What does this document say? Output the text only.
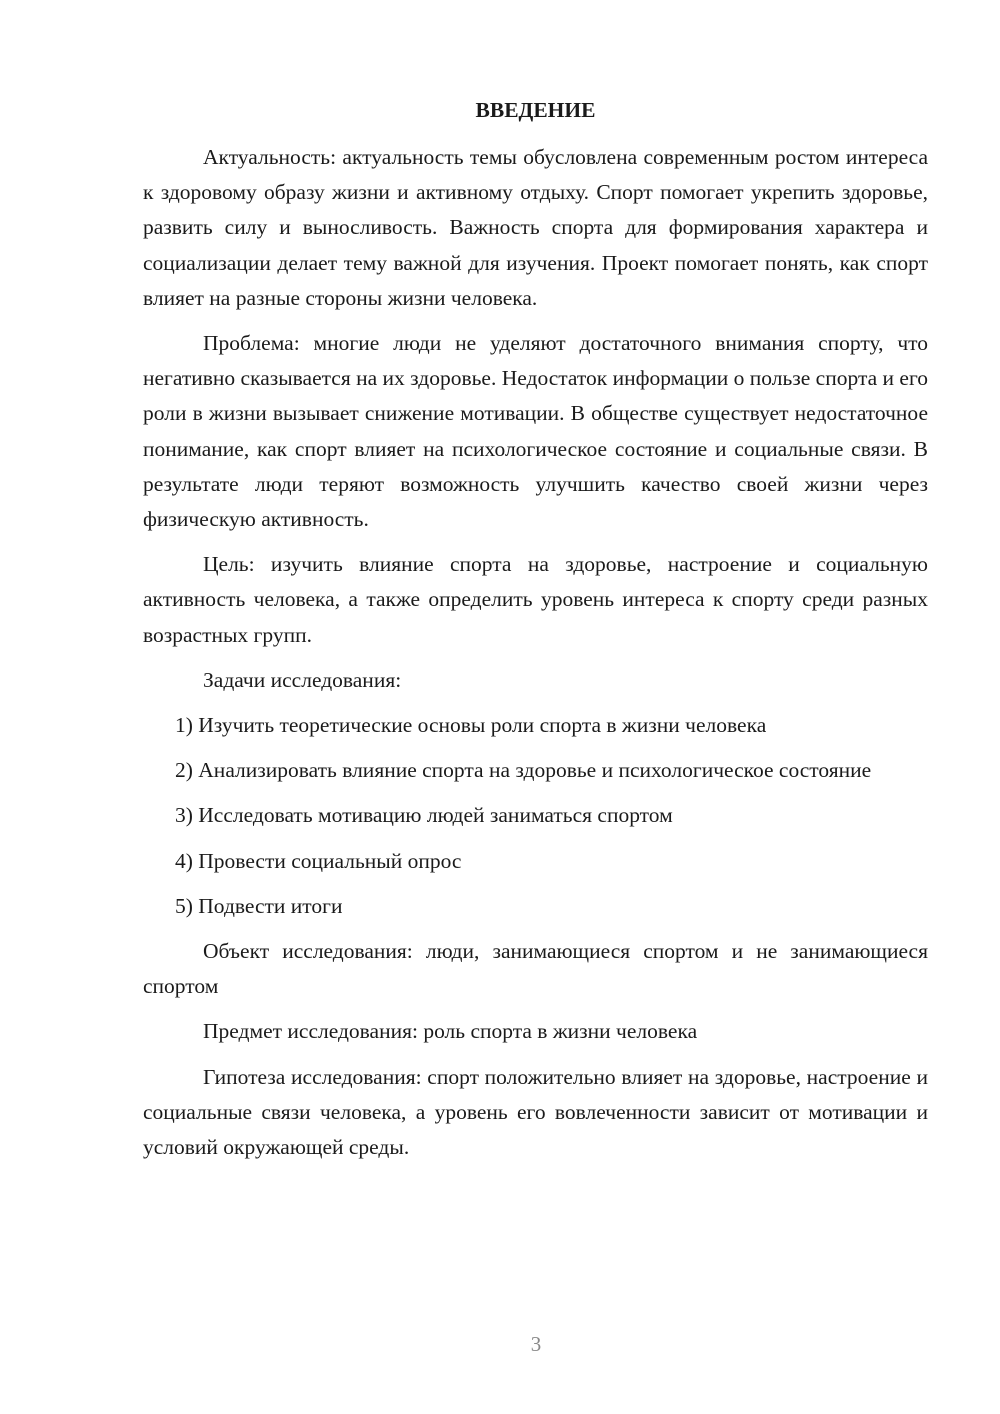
ВВЕДЕНИЕ

Актуальность: актуальность темы обусловлена современным ростом интереса к здоровому образу жизни и активному отдыху. Спорт помогает укрепить здоровье, развить силу и выносливость. Важность спорта для формирования характера и социализации делает тему важной для изучения. Проект помогает понять, как спорт влияет на разные стороны жизни человека.

Проблема: многие люди не уделяют достаточного внимания спорту, что негативно сказывается на их здоровье. Недостаток информации о пользе спорта и его роли в жизни вызывает снижение мотивации. В обществе существует недостаточное понимание, как спорт влияет на психологическое состояние и социальные связи. В результате люди теряют возможность улучшить качество своей жизни через физическую активность.

Цель: изучить влияние спорта на здоровье, настроение и социальную активность человека, а также определить уровень интереса к спорту среди разных возрастных групп.

Задачи исследования:

1) Изучить теоретические основы роли спорта в жизни человека

2) Анализировать влияние спорта на здоровье и психологическое состояние

3) Исследовать мотивацию людей заниматься спортом

4) Провести социальный опрос

5) Подвести итоги

Объект исследования: люди, занимающиеся спортом и не занимающиеся спортом

Предмет исследования: роль спорта в жизни человека

Гипотеза исследования: спорт положительно влияет на здоровье, настроение и социальные связи человека, а уровень его вовлеченности зависит от мотивации и условий окружающей среды.

3
